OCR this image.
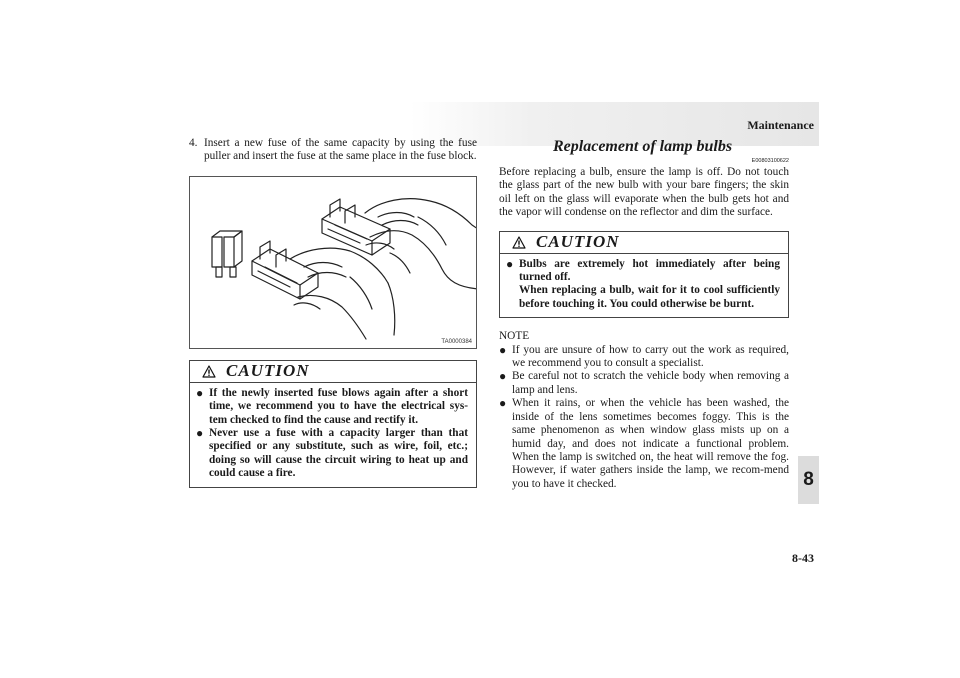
Maintenance
8
8-43

4. Insert a new fuse of the same capacity by using the fuse puller and insert the fuse at the same place in the fuse block.

TA0000384
CAUTION
● If the newly inserted fuse blows again after a short time, we recommend you to have the electrical sys-tem checked to find the cause and rectify it.
● Never use a fuse with a capacity larger than that specified or any substitute, such as wire, foil, etc.; doing so will cause the circuit wiring to heat up and could cause a fire.
Replacement of lamp bulbs
E00803100622

Before replacing a bulb, ensure the lamp is off. Do not touch the glass part of the new bulb with your bare fingers; the skin oil left on the glass will evaporate when the bulb gets hot and the vapor will condense on the reflector and dim the surface.

CAUTION
● Bulbs are extremely hot immediately after being turned off.
When replacing a bulb, wait for it to cool sufficiently before touching it. You could otherwise be burnt.

NOTE

● If you are unsure of how to carry out the work as required, we recommend you to consult a specialist.
● Be careful not to scratch the vehicle body when removing a lamp and lens.
● When it rains, or when the vehicle has been washed, the inside of the lens sometimes becomes foggy. This is the same phenomenon as when window glass mists up on a humid day, and does not indicate a functional problem. When the lamp is switched on, the heat will remove the fog. However, if water gathers inside the lamp, we recom-mend you to have it checked.
